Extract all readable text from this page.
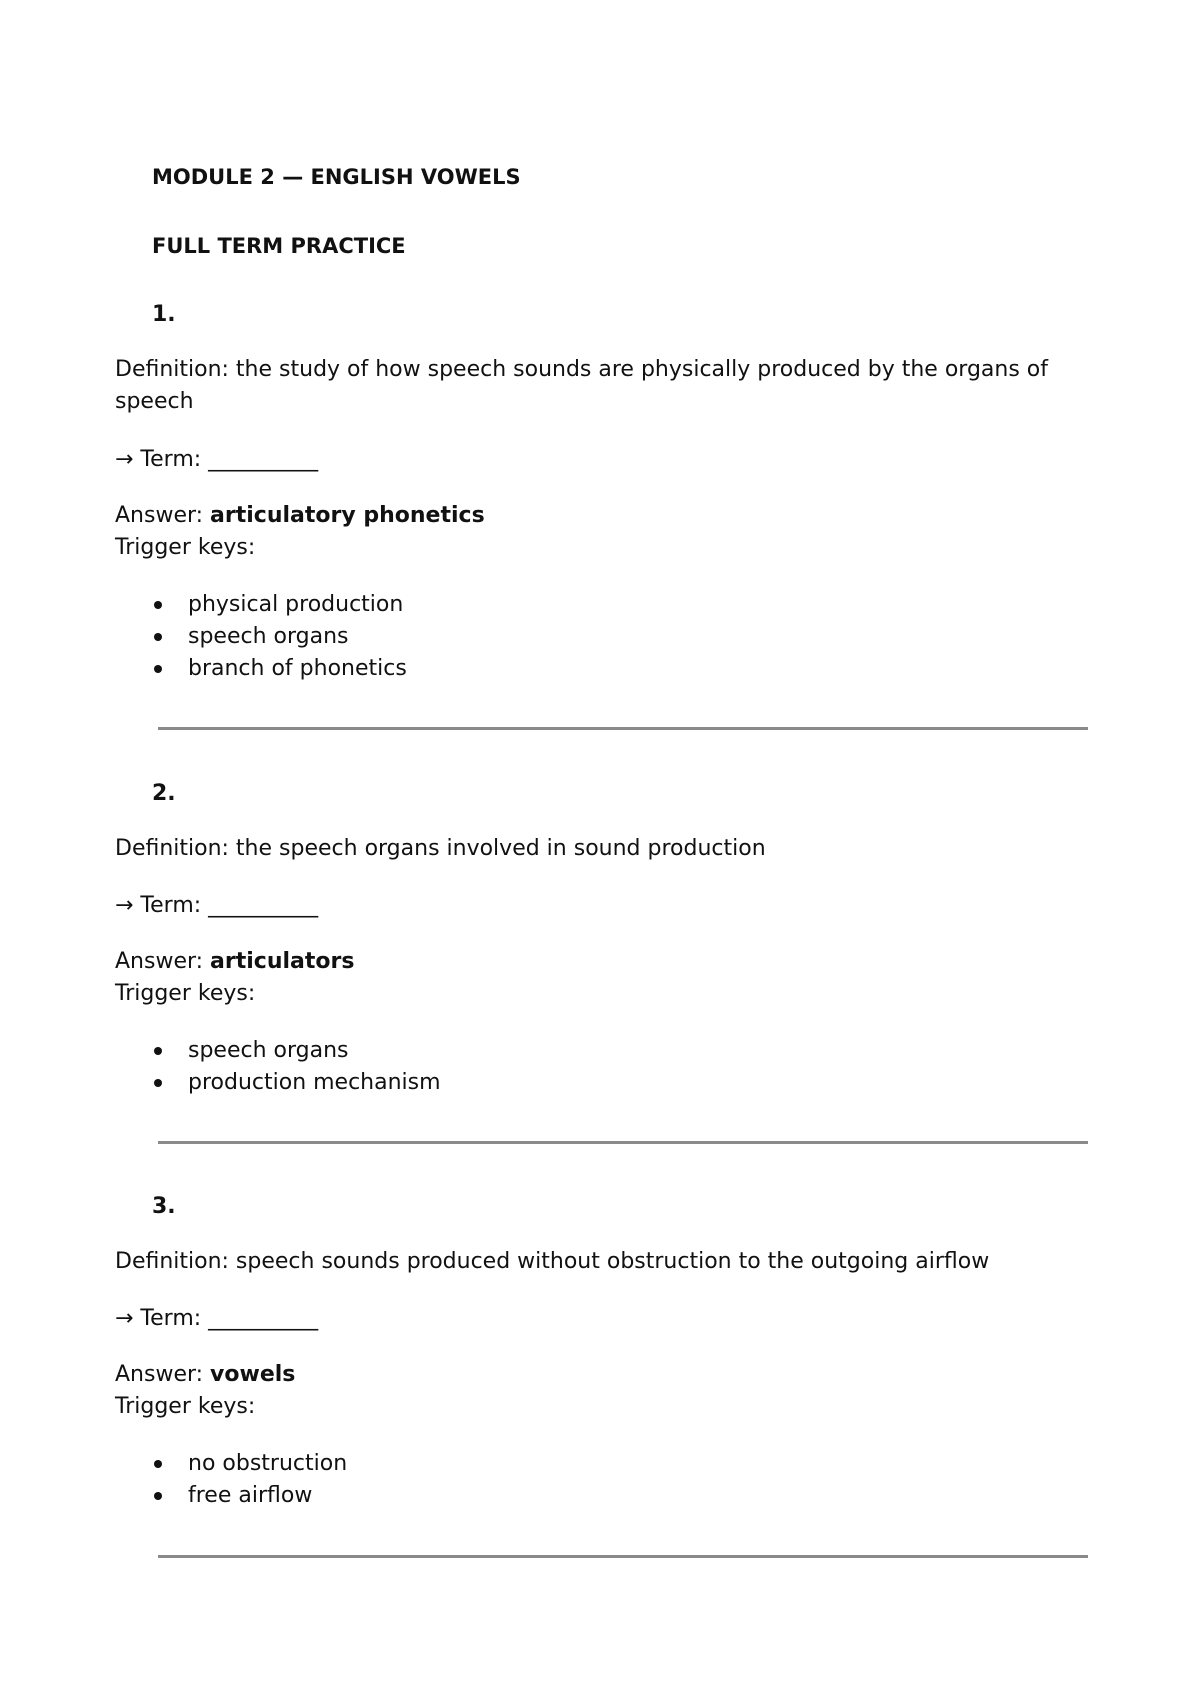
MODULE 2 — ENGLISH VOWELS
FULL TERM PRACTICE
1.
Definition: the study of how speech sounds are physically produced by the organs of
speech
→ Term: __________
Answer: articulatory phonetics
Trigger keys:
physical production
speech organs
branch of phonetics
2.
Definition: the speech organs involved in sound production
→ Term: __________
Answer: articulators
Trigger keys:
speech organs
production mechanism
3.
Definition: speech sounds produced without obstruction to the outgoing airflow
→ Term: __________
Answer: vowels
Trigger keys:
no obstruction
free airflow
